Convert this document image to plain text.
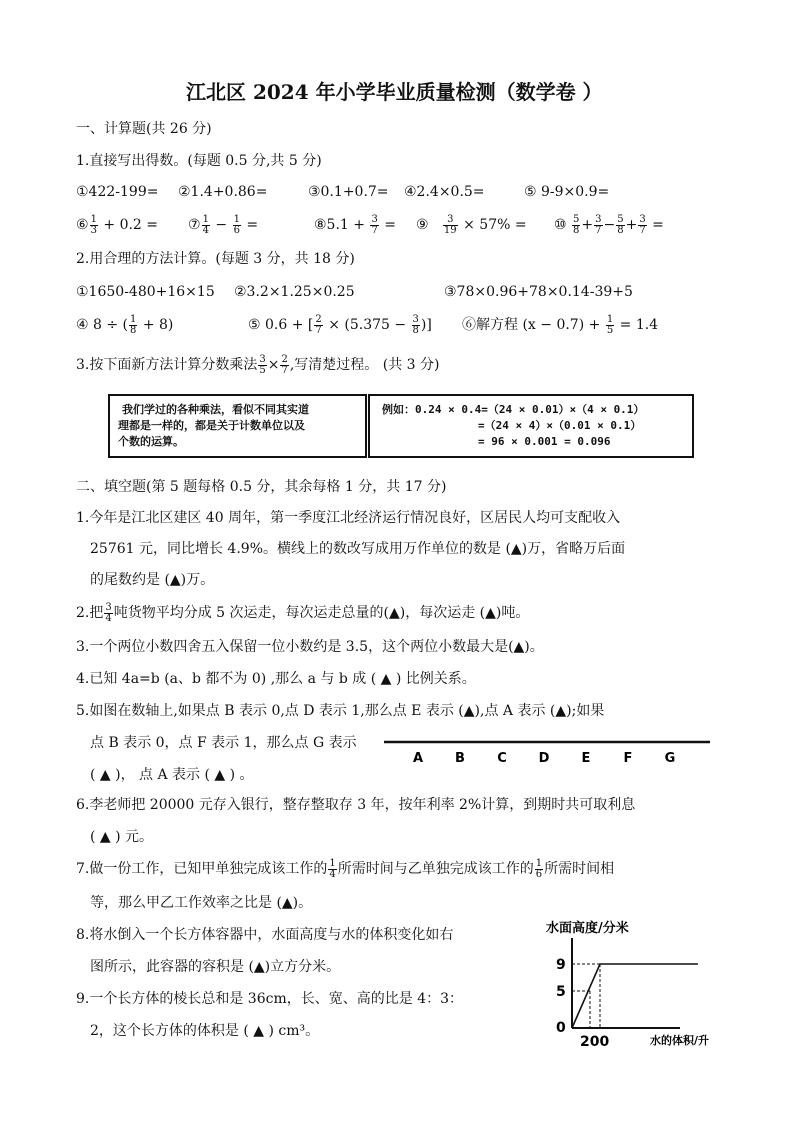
江北区 2024 年小学毕业质量检测（数学卷 ）
一、计算题(共 26 分)
1.直接写出得数。(每题 0.5 分,共 5 分)
①422-199= ②1.4+0.86=	③0.1+0.7= ④2.4×0.5=	⑤ 9-9×0.9=
⑥ $\frac{1}{3} + 0.2$ = ⑦ $\frac{1}{4} - \frac{1}{6}$ =	⑧5.1 + $\frac{3}{7}$ = ⑨ $\frac{3}{19} \times 57\%$ = ⑩ $\frac{5}{8} + \frac{3}{7} - \frac{5}{8} + \frac{3}{7}$ =
2.用合理的方法计算。(每题 3 分，共 18 分)
①1650-480+16×15 ②3.2×1.25×0.25	③78×0.96+78×0.14-39+5
④ 8 ÷ ( $\frac{1}{8} + 8$)	⑤ 0.6 + [ $\frac{2}{7} \times (5.375 - \frac{3}{8}$ )] ⑥解方程 $(x - 0.7) + \frac{1}{5} = 1.4$
3.按下面新方法计算分数乘法 $\frac{3}{5} \times \frac{2}{7}$ ,写清楚过程。 (共 3 分)
我们学过的各种乘法，看似不同其实道
理都是一样的，都是关于计数单位以及
个数的运算。
例如：0.24 × 0.4=（24 × 0.01）×（4 × 0.1）
=（24 × 4）×（0.01 × 0.1）
= 96 × 0.001 = 0.096
二、填空题(第 5 题每格 0.5 分，其余每格 1 分，共 17 分)
1.今年是江北区建区 40 周年，第一季度江北经济运行情况良好，区居民人均可支配收入
25761 元，同比增长 4.9%。横线上的数改写成用万作单位的数是 (▲)万，省略万后面
的尾数约是 (▲)万。
2.把 $\frac{3}{4}$ 吨货物平均分成 5 次运走，每次运走总量的(▲)，每次运走 (▲)吨。
3.一个两位小数四舍五入保留一位小数约是 3.5，这个两位小数最大是(▲)。
4.已知 4a=b (a、b 都不为 0) ,那么 a 与 b 成 ( ▲ ) 比例关系。
5.如图在数轴上,如果点 B 表示 0,点 D 表示 1,那么点 E 表示 (▲),点 A 表示 (▲);如果
点 B 表示 0，点 F 表示 1，那么点 G 表示
( ▲ )， 点 A 表示 ( ▲ ) 。
A B C D E	F G
6.李老师把 20000 元存入银行，整存整取存 3 年，按年利率 2%计算，到期时共可取利息
( ▲ ) 元。
7.做一份工作，已知甲单独完成该工作的 $\frac{1}{4}$ 所需时间与乙单独完成该工作的 $\frac{1}{6}$ 所需时间相
等，那么甲乙工作效率之比是 (▲)。
8.将水倒入一个长方体容器中，水面高度与水的体积变化如右
图所示，此容器的容积是 (▲)立方分米。
9.一个长方体的棱长总和是 36cm，长、宽、高的比是 4：3：
2，这个长方体的体积是 ( ▲ ) cm³。
水面高度/分米
9
5
0
200	水的体积/升
